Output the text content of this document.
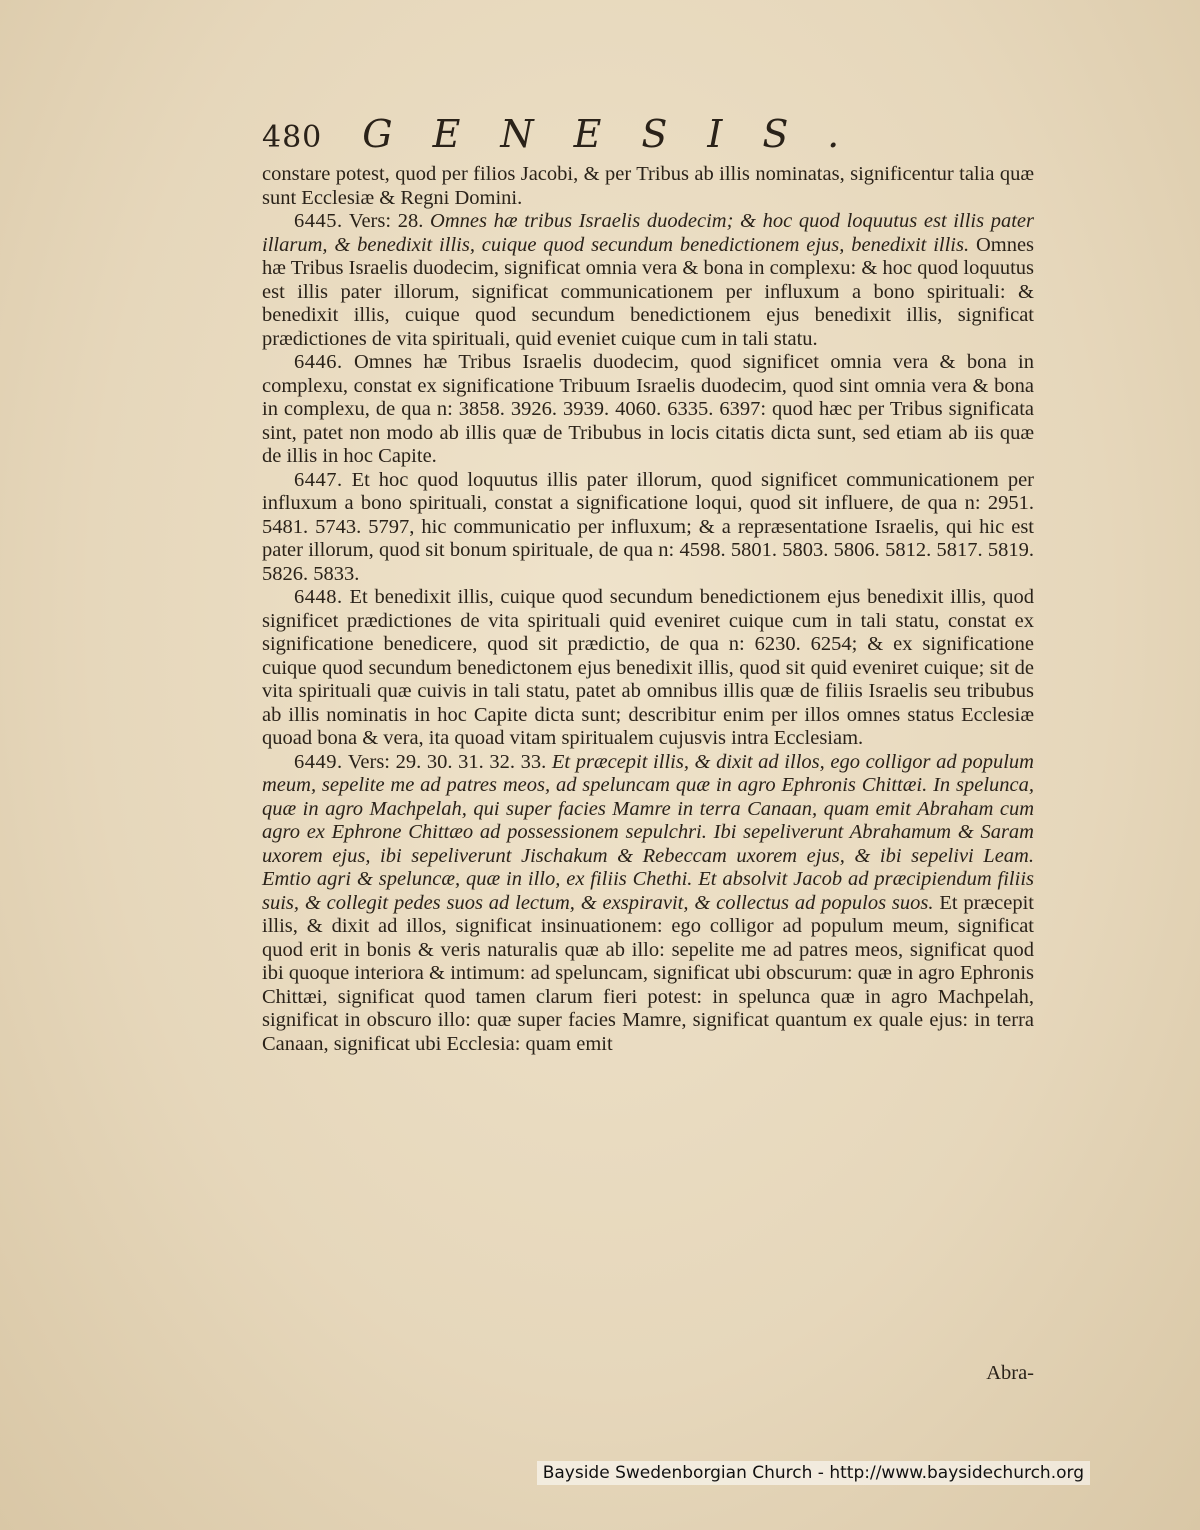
480 GENESIS.

constare potest, quod per filios Jacobi, & per Tribus ab illis nominatas, significentur talia quæ sunt Ecclesiæ & Regni Domini.

6445. Vers: 28. Omnes hæ tribus Israelis duodecim; & hoc quod loquutus est illis pater illarum, & benedixit illis, cuique quod secundum benedictionem ejus, benedixit illis. Omnes hæ Tribus Israelis duodecim, significat omnia vera & bona in complexu: & hoc quod loquutus est illis pater illorum, significat communicationem per influxum a bono spirituali: & benedixit illis, cuique quod secundum benedictionem ejus benedixit illis, significat prædictiones de vita spirituali, quid eveniet cuique cum in tali statu.

6446. Omnes hæ Tribus Israelis duodecim, quod significet omnia vera & bona in complexu, constat ex significatione Tribuum Israelis duodecim, quod sint omnia vera & bona in complexu, de qua n: 3858. 3926. 3939. 4060. 6335. 6397: quod hæc per Tribus significata sint, patet non modo ab illis quæ de Tribubus in locis citatis dicta sunt, sed etiam ab iis quæ de illis in hoc Capite.

6447. Et hoc quod loquutus illis pater illorum, quod significet communicationem per influxum a bono spirituali, constat a significatione loqui, quod sit influere, de qua n: 2951. 5481. 5743. 5797, hic communicatio per influxum; & a repræsentatione Israelis, qui hic est pater illorum, quod sit bonum spirituale, de qua n: 4598. 5801. 5803. 5806. 5812. 5817. 5819. 5826. 5833.

6448. Et benedixit illis, cuique quod secundum benedictionem ejus benedixit illis, quod significet prædictiones de vita spirituali quid eveniret cuique cum in tali statu, constat ex significatione benedicere, quod sit prædictio, de qua n: 6230. 6254; & ex significatione cuique quod secundum benedictonem ejus benedixit illis, quod sit quid eveniret cuique; sit de vita spirituali quæ cuivis in tali statu, patet ab omnibus illis quæ de filiis Israelis seu tribubus ab illis nominatis in hoc Capite dicta sunt; describitur enim per illos omnes status Ecclesiæ quoad bona & vera, ita quoad vitam spiritualem cujusvis intra Ecclesiam.

6449. Vers: 29. 30. 31. 32. 33. Et præcepit illis, & dixit ad illos, ego colligor ad populum meum, sepelite me ad patres meos, ad speluncam quæ in agro Ephronis Chittæi. In spelunca, quæ in agro Machpelah, qui super facies Mamre in terra Canaan, quam emit Abraham cum agro ex Ephrone Chittæo ad possessionem sepulchri. Ibi sepeliverunt Abrahamum & Saram uxorem ejus, ibi sepeliverunt Jischakum & Rebeccam uxorem ejus, & ibi sepelivi Leam. Emtio agri & speluncæ, quæ in illo, ex filiis Chethi. Et absolvit Jacob ad præcipiendum filiis suis, & collegit pedes suos ad lectum, & exspiravit, & collectus ad populos suos. Et præcepit illis, & dixit ad illos, significat insinuationem: ego colligor ad populum meum, significat quod erit in bonis & veris naturalis quæ ab illo: sepelite me ad patres meos, significat quod ibi quoque interiora & intimum: ad speluncam, significat ubi obscurum: quæ in agro Ephronis Chittæi, significat quod tamen clarum fieri potest: in spelunca quæ in agro Machpelah, significat in obscuro illo: quæ super facies Mamre, significat quantum ex quale ejus: in terra Canaan, significat ubi Ecclesia: quam emit

Abra-
Bayside Swedenborgian Church - http://www.baysidechurch.org
